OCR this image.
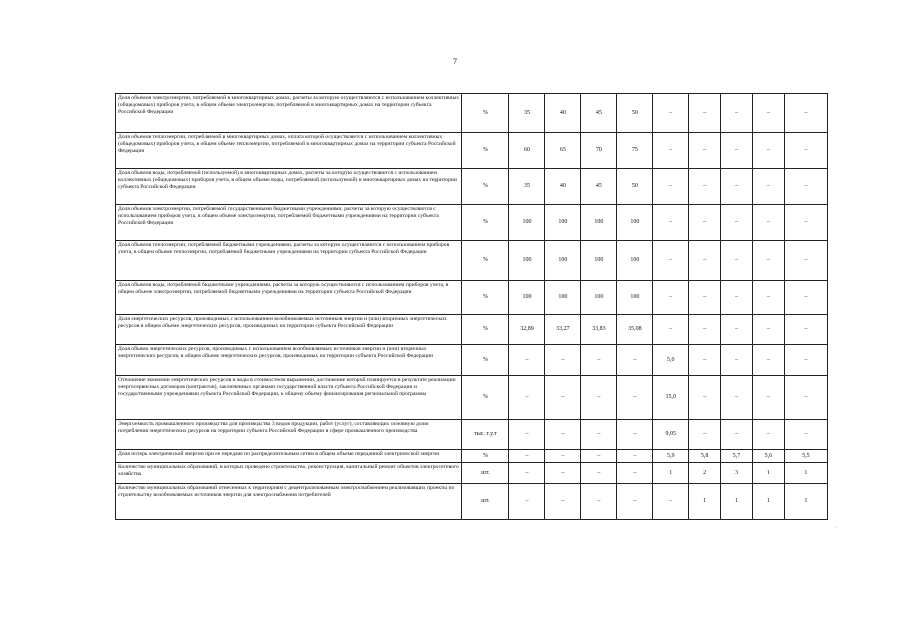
7
Доля объемов электроэнергии, потребляемой в многоквартирных домах, расчеты за которую осуществляются с использованием коллективных (общедомовых) приборов учета, в общем объеме электроэнергии, потребляемой в многоквартирных домах на территории субъекта Российской Федерации	%	35	40	45	50	–	–	–	–	–
Доля объемов теплоэнергии, потребляемой в многоквартирных домах, оплата которой осуществляется с использованием коллективных (общедомовых) приборов учета, в общем объеме теплоэнергии, потребляемой в многоквартирных домах на территории субъекта Российской Федерации	%	60	65	70	75	–	–	–	–	–
Доля объемов воды, потребляемой (используемой) в многоквартирных домах, расчеты за которую осуществляются с использованием коллективных (общедомовых) приборов учета, в общем объеме воды, потребляемой (используемой) в многоквартирных домах на территории субъекта Российской Федерации	%	35	40	45	50	–	–	–	–	–
Доля объемов электроэнергии, потребляемой государственными бюджетными учреждениями, расчеты за которую осуществляются с использованием приборов учета, в общем объеме электроэнергии, потребляемой бюджетными учреждениями на территории субъекта Российской Федерации	%	100	100	100	100	–	–	–	–	–
Доля объемов теплоэнергии, потребляемой бюджетными учреждениями, расчеты за которую осуществляются с использованием приборов учета, в общем объеме теплоэнергии, потребляемой бюджетными учреждениями на территории субъекта Российской Федерации	%	100	100	100	100	–	–	–	–	–
Доля объемов воды, потребляемой бюджетными учреждениями, расчеты за которую осуществляются с использованием приборов учета, в общем объеме электроэнергии, потребляемой бюджетными учреждениями на территории субъекта Российской Федерации	%	100	100	100	100	–	–	–	–	–
Доля энергетических ресурсов, производимых с использованием возобновляемых источников энергии и (или) вторичных энергетических ресурсов в общем объеме энергетических ресурсов, производимых на территории субъекта Российской Федерации	%	32,89	33,27	33,83	35,08	–	–	–	–	–
Доля объема энергетических ресурсов, производимых с использованием возобновляемых источников энергии и (или) вторичных энергетических ресурсов, в общем объеме энергетических ресурсов, производимых на территории субъекта Российской Федерации	%	–	–	–	–	5,0	–	–	–	–
Отношение экономии энергетических ресурсов и воды в стоимостном выражении, достижение которой планируется в результате реализации энергосервисных договоров (контрактов), заключенных органами государственной власти субъекта Российской Федерации и государственными учреждениями субъекта Российской Федерации, к общему объему финансирования региональной программы	%	–	–	–	–	15,0	–	–	–	–
Энергоемкость промышленного производства для производства 3 видов продукции, работ (услуг), составляющих основную долю потребления энергетических ресурсов на территории субъекта Российской Федерации в сфере промышленного производства	тыс. т.у.т	–	–	–	–	9,05	–	–	–	–
Доля потерь электрической энергии при ее передаче по распределительным сетям в общем объеме переданной электрической энергии	%	–	–	–	–	5,9	5,8	5,7	5,6	5,5
Количество муниципальных образований, в которых проведено строительство, реконструкция, капитальный ремонт объектов электросетевого хозяйства	шт.	–	–	–	–	1	2	3	1	1
Количество муниципальных образований отнесенных к территориям с децентрализованным электроснабжением реализовавших проекты по строительству возобновляемых источников энергии для электроснабжения потребителей	шт.	–	–	–	–	–	1	1	1	1
·
